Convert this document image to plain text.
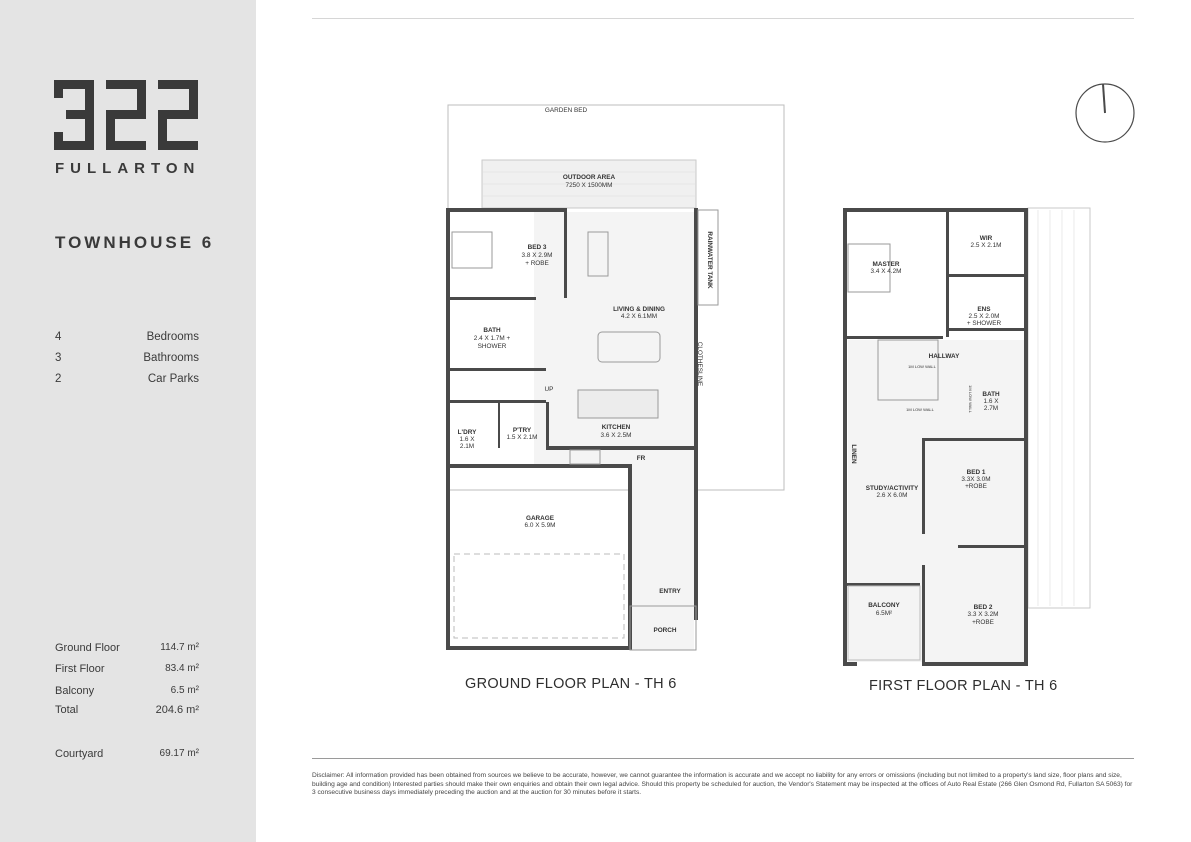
FULLARTON
TOWNHOUSE 6
4	Bedrooms
3	Bathrooms
2	Car Parks
Ground Floor	114.7 m²
First Floor	83.4 m²
Balcony	6.5 m²
Total	204.6 m²
Courtyard	69.17 m²
GARDEN BED
OUTDOOR AREA
7250 X 1500MM
BED 3
3.8 X 2.9M
+ ROBE
LIVING & DINING
4.2 X 6.1MM
BATH
2.4 X 1.7M +
SHOWER
UP
L'DRY
1.6 X
2.1M
P'TRY
1.5 X 2.1M
KITCHEN
3.6 X 2.5M
FR
GARAGE
6.0 X 5.9M
ENTRY
PORCH
RAINWATER TANK
CLOTHESLINE
GROUND FLOOR PLAN - TH 6
MASTER
3.4 X 4.2M
WIR
2.5 X 2.1M
ENS
2.5 X 2.0M
+ SHOWER
HALLWAY
1M LOW WALL
1M LOW WALL	1M LOW WALL BATH
1.6 X
2.7M
LINEN
STUDY/ACTIVITY
2.6 X 6.0M
BED 1
3.3X 3.0M
+ROBE
BALCONY
6.5M²
BED 2
3.3 X 3.2M
+ROBE
FIRST FLOOR PLAN - TH 6
Disclaimer: All information provided has been obtained from sources we believe to be accurate, however, we cannot guarantee the information is accurate and we accept no liability for any errors or omissions (including but not limited to a property's land size, floor plans and size, building age and condition) Interested parties should make their own enquiries and obtain their own legal advice. Should this property be scheduled for auction, the Vendor's Statement may be inspected at the offices of Auto Real Estate (266 Glen Osmond Rd, Fullarton SA 5063) for 3 consecutive business days immediately preceding the auction and at the auction for 30 minutes before it starts.
